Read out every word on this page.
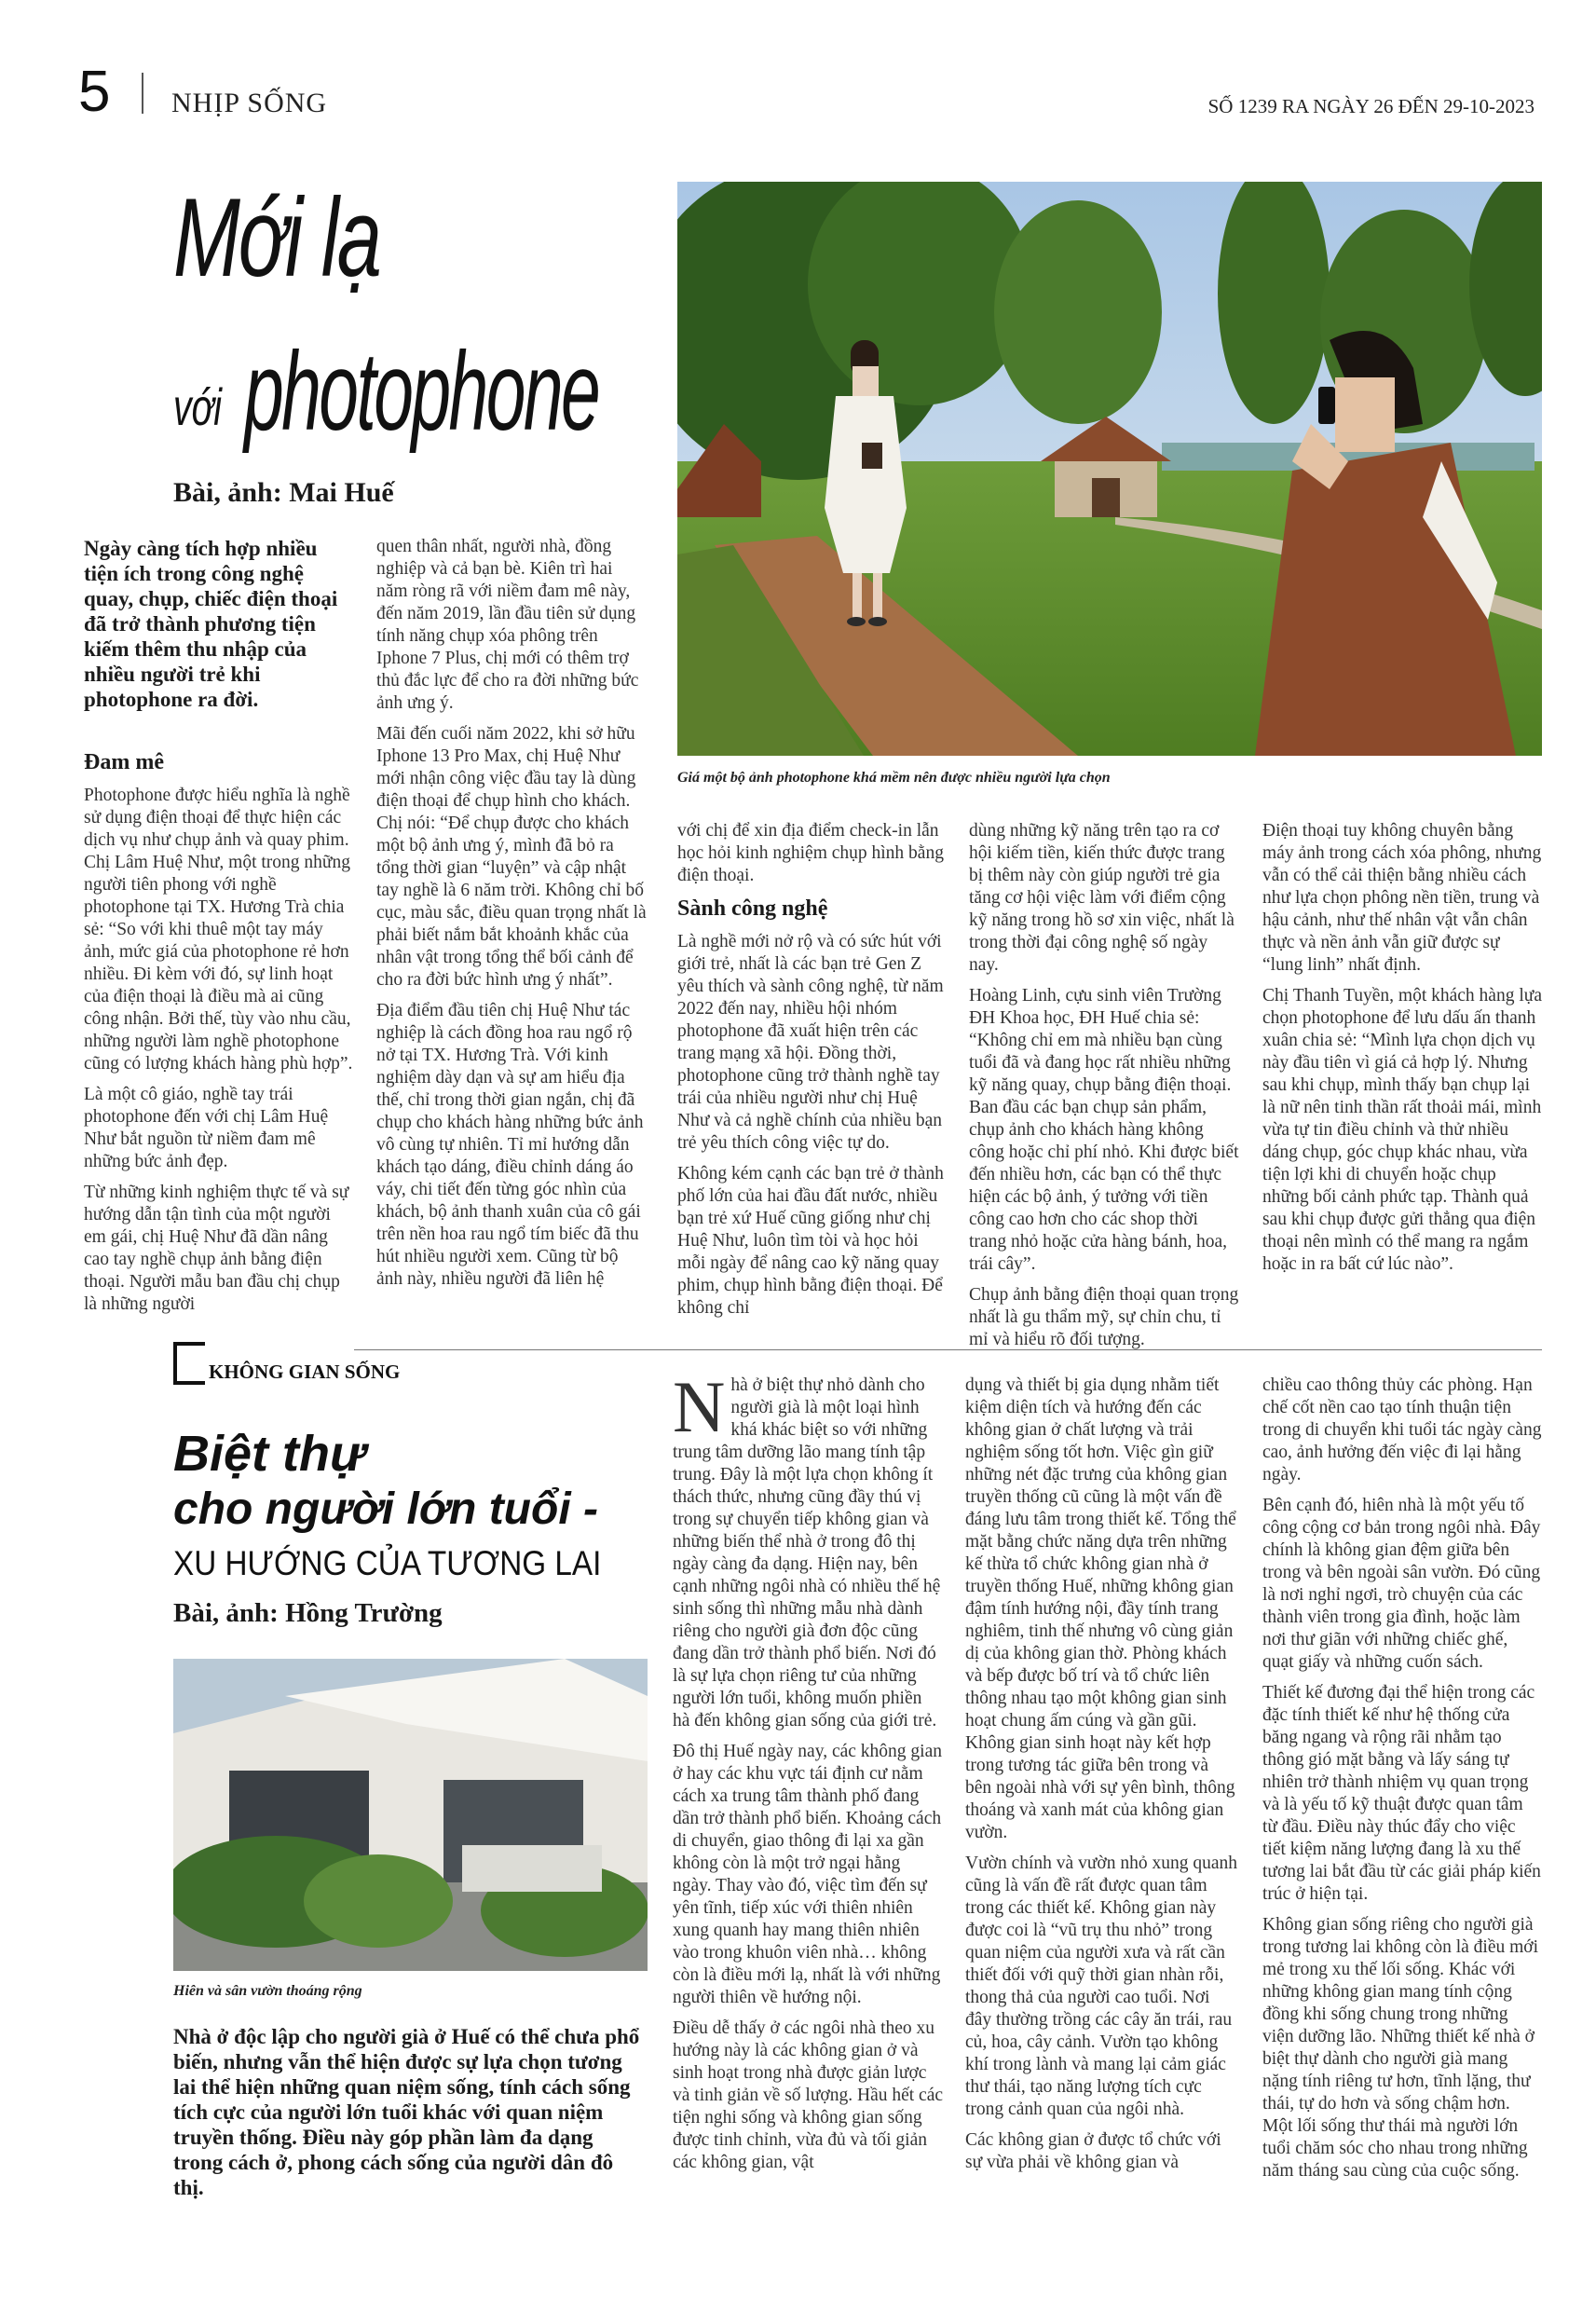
5 NHỊP SỐNG	SỐ 1239 RA NGÀY 26 ĐẾN 29-10-2023
Mới lạ
với photophone
Bài, ảnh: Mai Huế
Giá một bộ ảnh photophone khá mềm nên được nhiều người lựa chọn
Ngày càng tích hợp nhiều tiện ích trong công nghệ quay, chụp, chiếc điện thoại đã trở thành phương tiện kiếm thêm thu nhập của nhiều người trẻ khi photophone ra đời.
Đam mê

Photophone được hiểu nghĩa là nghề sử dụng điện thoại để thực hiện các dịch vụ như chụp ảnh và quay phim. Chị Lâm Huệ Như, một trong những người tiên phong với nghề photophone tại TX. Hương Trà chia sẻ: “So với khi thuê một tay máy ảnh, mức giá của photophone rẻ hơn nhiều. Đi kèm với đó, sự linh hoạt của điện thoại là điều mà ai cũng công nhận. Bởi thế, tùy vào nhu cầu, những người làm nghề photophone cũng có lượng khách hàng phù hợp”.

Là một cô giáo, nghề tay trái photophone đến với chị Lâm Huệ Như bắt nguồn từ niềm đam mê những bức ảnh đẹp.

Từ những kinh nghiệm thực tế và sự hướng dẫn tận tình của một người em gái, chị Huệ Như đã dần nâng cao tay nghề chụp ảnh bằng điện thoại. Người mẫu ban đầu chị chụp là những người

quen thân nhất, người nhà, đồng nghiệp và cả bạn bè. Kiên trì hai năm ròng rã với niềm đam mê này, đến năm 2019, lần đầu tiên sử dụng tính năng chụp xóa phông trên Iphone 7 Plus, chị mới có thêm trợ thủ đắc lực để cho ra đời những bức ảnh ưng ý.

Mãi đến cuối năm 2022, khi sở hữu Iphone 13 Pro Max, chị Huệ Như mới nhận công việc đầu tay là dùng điện thoại để chụp hình cho khách. Chị nói: “Để chụp được cho khách một bộ ảnh ưng ý, mình đã bỏ ra tổng thời gian “luyện” và cập nhật tay nghề là 6 năm trời. Không chỉ bố cục, màu sắc, điều quan trọng nhất là phải biết nắm bắt khoảnh khắc của nhân vật trong tổng thể bối cảnh để cho ra đời bức hình ưng ý nhất”.

Địa điểm đầu tiên chị Huệ Như tác nghiệp là cách đồng hoa rau ngổ rộ nở tại TX. Hương Trà. Với kinh nghiệm dày dạn và sự am hiểu địa thế, chỉ trong thời gian ngắn, chị đã chụp cho khách hàng những bức ảnh vô cùng tự nhiên. Tỉ mỉ hướng dẫn khách tạo dáng, điều chỉnh dáng áo váy, chi tiết đến từng góc nhìn của khách, bộ ảnh thanh xuân của cô gái trên nền hoa rau ngổ tím biếc đã thu hút nhiều người xem. Cũng từ bộ ảnh này, nhiều người đã liên hệ

với chị để xin địa điểm check-in lẫn học hỏi kinh nghiệm chụp hình bằng điện thoại.

Sành công nghệ

Là nghề mới nở rộ và có sức hút với giới trẻ, nhất là các bạn trẻ Gen Z yêu thích và sành công nghệ, từ năm 2022 đến nay, nhiều hội nhóm photophone đã xuất hiện trên các trang mạng xã hội. Đồng thời, photophone cũng trở thành nghề tay trái của nhiều người như chị Huệ Như và cả nghề chính của nhiều bạn trẻ yêu thích công việc tự do.

Không kém cạnh các bạn trẻ ở thành phố lớn của hai đầu đất nước, nhiều bạn trẻ xứ Huế cũng giống như chị Huệ Như, luôn tìm tòi và học hỏi mỗi ngày để nâng cao kỹ năng quay phim, chụp hình bằng điện thoại. Để không chỉ

dùng những kỹ năng trên tạo ra cơ hội kiếm tiền, kiến thức được trang bị thêm này còn giúp người trẻ gia tăng cơ hội việc làm với điểm cộng kỹ năng trong hồ sơ xin việc, nhất là trong thời đại công nghệ số ngày nay.

Hoàng Linh, cựu sinh viên Trường ĐH Khoa học, ĐH Huế chia sẻ: “Không chỉ em mà nhiều bạn cùng tuổi đã và đang học rất nhiều những kỹ năng quay, chụp bằng điện thoại. Ban đầu các bạn chụp sản phẩm, chụp ảnh cho khách hàng không công hoặc chỉ phí nhỏ. Khi được biết đến nhiều hơn, các bạn có thể thực hiện các bộ ảnh, ý tưởng với tiền công cao hơn cho các shop thời trang nhỏ hoặc cửa hàng bánh, hoa, trái cây”.

Chụp ảnh bằng điện thoại quan trọng nhất là gu thẩm mỹ, sự chỉn chu, tỉ mỉ và hiểu rõ đối tượng.

Điện thoại tuy không chuyên bằng máy ảnh trong cách xóa phông, nhưng vẫn có thể cải thiện bằng nhiều cách như lựa chọn phông nền tiền, trung và hậu cảnh, như thế nhân vật vẫn chân thực và nền ảnh vẫn giữ được sự “lung linh” nhất định.

Chị Thanh Tuyền, một khách hàng lựa chọn photophone để lưu dấu ấn thanh xuân chia sẻ: “Mình lựa chọn dịch vụ này đầu tiên vì giá cả hợp lý. Nhưng sau khi chụp, mình thấy bạn chụp lại là nữ nên tinh thần rất thoải mái, mình vừa tự tin điều chỉnh và thử nhiều dáng chụp, góc chụp khác nhau, vừa tiện lợi khi di chuyển hoặc chụp những bối cảnh phức tạp. Thành quả sau khi chụp được gửi thẳng qua điện thoại nên mình có thể mang ra ngắm hoặc in ra bất cứ lúc nào”.

KHÔNG GIAN SỐNG
Biệt thự
cho người lớn tuổi -
XU HƯỚNG CỦA TƯƠNG LAI
Bài, ảnh: Hồng Trường
Hiên và sân vườn thoáng rộng
Nhà ở độc lập cho người già ở Huế có thể chưa phổ biến, nhưng vẫn thể hiện được sự lựa chọn tương lai thể hiện những quan niệm sống, tính cách sống tích cực của người lớn tuổi khác với quan niệm truyền thống. Điều này góp phần làm đa dạng trong cách ở, phong cách sống của người dân đô thị.

Nhà ở biệt thự nhỏ dành cho người già là một loại hình khá khác biệt so với những trung tâm dưỡng lão mang tính tập trung. Đây là một lựa chọn không ít thách thức, nhưng cũng đầy thú vị trong sự chuyển tiếp không gian và những biến thể nhà ở trong đô thị ngày càng đa dạng. Hiện nay, bên cạnh những ngôi nhà có nhiều thế hệ sinh sống thì những mẫu nhà dành riêng cho người già đơn độc cũng đang dần trở thành phổ biến. Nơi đó là sự lựa chọn riêng tư của những người lớn tuổi, không muốn phiền hà đến không gian sống của giới trẻ.

Đô thị Huế ngày nay, các không gian ở hay các khu vực tái định cư nằm cách xa trung tâm thành phố đang dần trở thành phổ biến. Khoảng cách di chuyển, giao thông đi lại xa gần không còn là một trở ngại hằng ngày. Thay vào đó, việc tìm đến sự yên tĩnh, tiếp xúc với thiên nhiên xung quanh hay mang thiên nhiên vào trong khuôn viên nhà… không còn là điều mới lạ, nhất là với những người thiên về hướng nội.

Điều dễ thấy ở các ngôi nhà theo xu hướng này là các không gian ở và sinh hoạt trong nhà được giản lược và tinh giản về số lượng. Hầu hết các tiện nghi sống và không gian sống được tinh chỉnh, vừa đủ và tối giản các không gian, vật

dụng và thiết bị gia dụng nhằm tiết kiệm diện tích và hướng đến các không gian ở chất lượng và trải nghiệm sống tốt hơn. Việc gìn giữ những nét đặc trưng của không gian truyền thống cũ cũng là một vấn đề đáng lưu tâm trong thiết kế. Tổng thể mặt bằng chức năng dựa trên những kế thừa tổ chức không gian nhà ở truyền thống Huế, những không gian đậm tính hướng nội, đầy tính trang nghiêm, tinh thế nhưng vô cùng giản dị của không gian thờ. Phòng khách và bếp được bố trí và tổ chức liên thông nhau tạo một không gian sinh hoạt chung ấm cúng và gần gũi. Không gian sinh hoạt này kết hợp trong tương tác giữa bên trong và bên ngoài nhà với sự yên bình, thông thoáng và xanh mát của không gian vườn.

Vườn chính và vườn nhỏ xung quanh cũng là vấn đề rất được quan tâm trong các thiết kế. Không gian này được coi là “vũ trụ thu nhỏ” trong quan niệm của người xưa và rất cần thiết đối với quỹ thời gian nhàn rỗi, thong thả của người cao tuổi. Nơi đây thường trồng các cây ăn trái, rau củ, hoa, cây cảnh. Vườn tạo không khí trong lành và mang lại cảm giác thư thái, tạo năng lượng tích cực trong cảnh quan của ngôi nhà.

Các không gian ở được tổ chức với sự vừa phải về không gian và

chiều cao thông thủy các phòng. Hạn chế cốt nền cao tạo tính thuận tiện trong di chuyển khi tuổi tác ngày càng cao, ảnh hưởng đến việc đi lại hằng ngày.

Bên cạnh đó, hiên nhà là một yếu tố công cộng cơ bản trong ngôi nhà. Đây chính là không gian đệm giữa bên trong và bên ngoài sân vườn. Đó cũng là nơi nghỉ ngơi, trò chuyện của các thành viên trong gia đình, hoặc làm nơi thư giãn với những chiếc ghế, quạt giấy và những cuốn sách.

Thiết kế đương đại thể hiện trong các đặc tính thiết kế như hệ thống cửa băng ngang và rộng rãi nhằm tạo thông gió mặt bằng và lấy sáng tự nhiên trở thành nhiệm vụ quan trọng và là yếu tố kỹ thuật được quan tâm từ đầu. Điều này thúc đẩy cho việc tiết kiệm năng lượng đang là xu thế tương lai bắt đầu từ các giải pháp kiến trúc ở hiện tại.

Không gian sống riêng cho người già trong tương lai không còn là điều mới mẻ trong xu thế lối sống. Khác với những không gian mang tính cộng đồng khi sống chung trong những viện dưỡng lão. Những thiết kế nhà ở biệt thự dành cho người già mang nặng tính riêng tư hơn, tĩnh lặng, thư thái, tự do hơn và sống chậm hơn. Một lối sống thư thái mà người lớn tuổi chăm sóc cho nhau trong những năm tháng sau cùng của cuộc sống.
